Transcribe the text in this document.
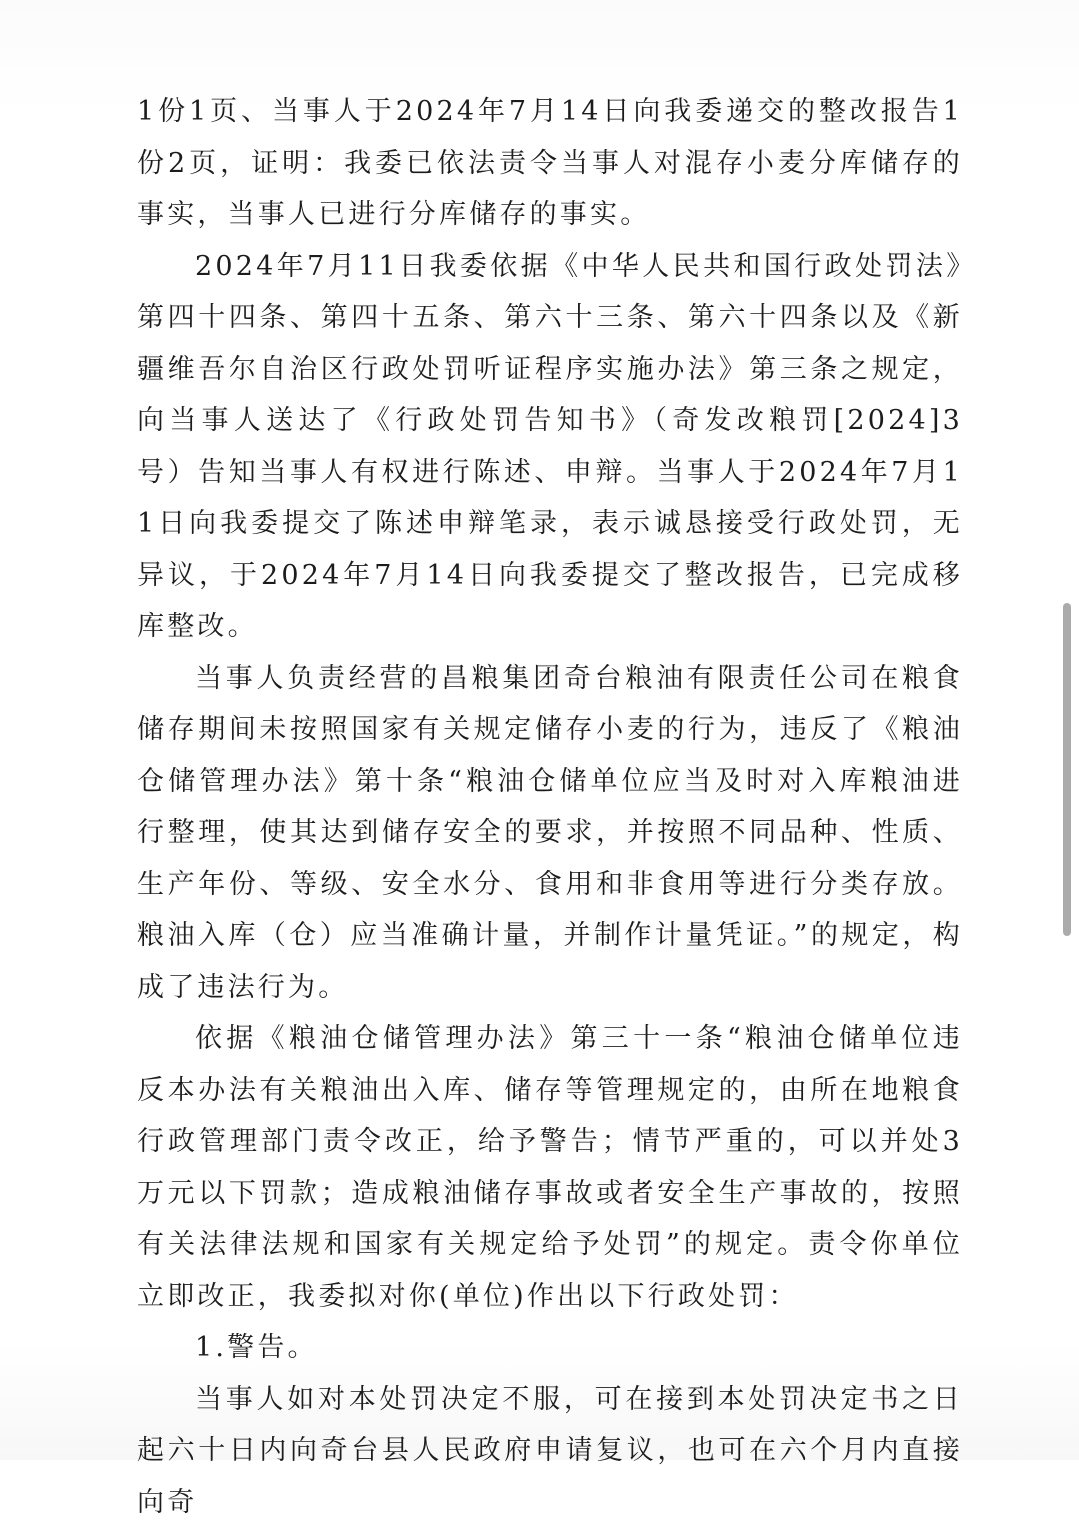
1份1页、当事人于2024年7月14日向我委递交的整改报告1份2页，证明：我委已依法责令当事人对混存小麦分库储存的事实，当事人已进行分库储存的事实。

2024年7月11日我委依据《中华人民共和国行政处罚法》第四十四条、第四十五条、第六十三条、第六十四条以及《新疆维吾尔自治区行政处罚听证程序实施办法》第三条之规定，向当事人送达了《行政处罚告知书》（奇发改粮罚[2024]3号）告知当事人有权进行陈述、申辩。当事人于2024年7月11日向我委提交了陈述申辩笔录，表示诚恳接受行政处罚，无异议，于2024年7月14日向我委提交了整改报告，已完成移库整改。

当事人负责经营的昌粮集团奇台粮油有限责任公司在粮食储存期间未按照国家有关规定储存小麦的行为，违反了《粮油仓储管理办法》第十条“粮油仓储单位应当及时对入库粮油进行整理，使其达到储存安全的要求，并按照不同品种、性质、生产年份、等级、安全水分、食用和非食用等进行分类存放。粮油入库（仓）应当准确计量，并制作计量凭证。”的规定，构成了违法行为。

依据《粮油仓储管理办法》第三十一条“粮油仓储单位违反本办法有关粮油出入库、储存等管理规定的，由所在地粮食行政管理部门责令改正，给予警告；情节严重的，可以并处3万元以下罚款；造成粮油储存事故或者安全生产事故的，按照有关法律法规和国家有关规定给予处罚”的规定。责令你单位立即改正，我委拟对你(单位)作出以下行政处罚：

1.警告。

当事人如对本处罚决定不服，可在接到本处罚决定书之日起六十日内向奇台县人民政府申请复议，也可在六个月内直接向奇
